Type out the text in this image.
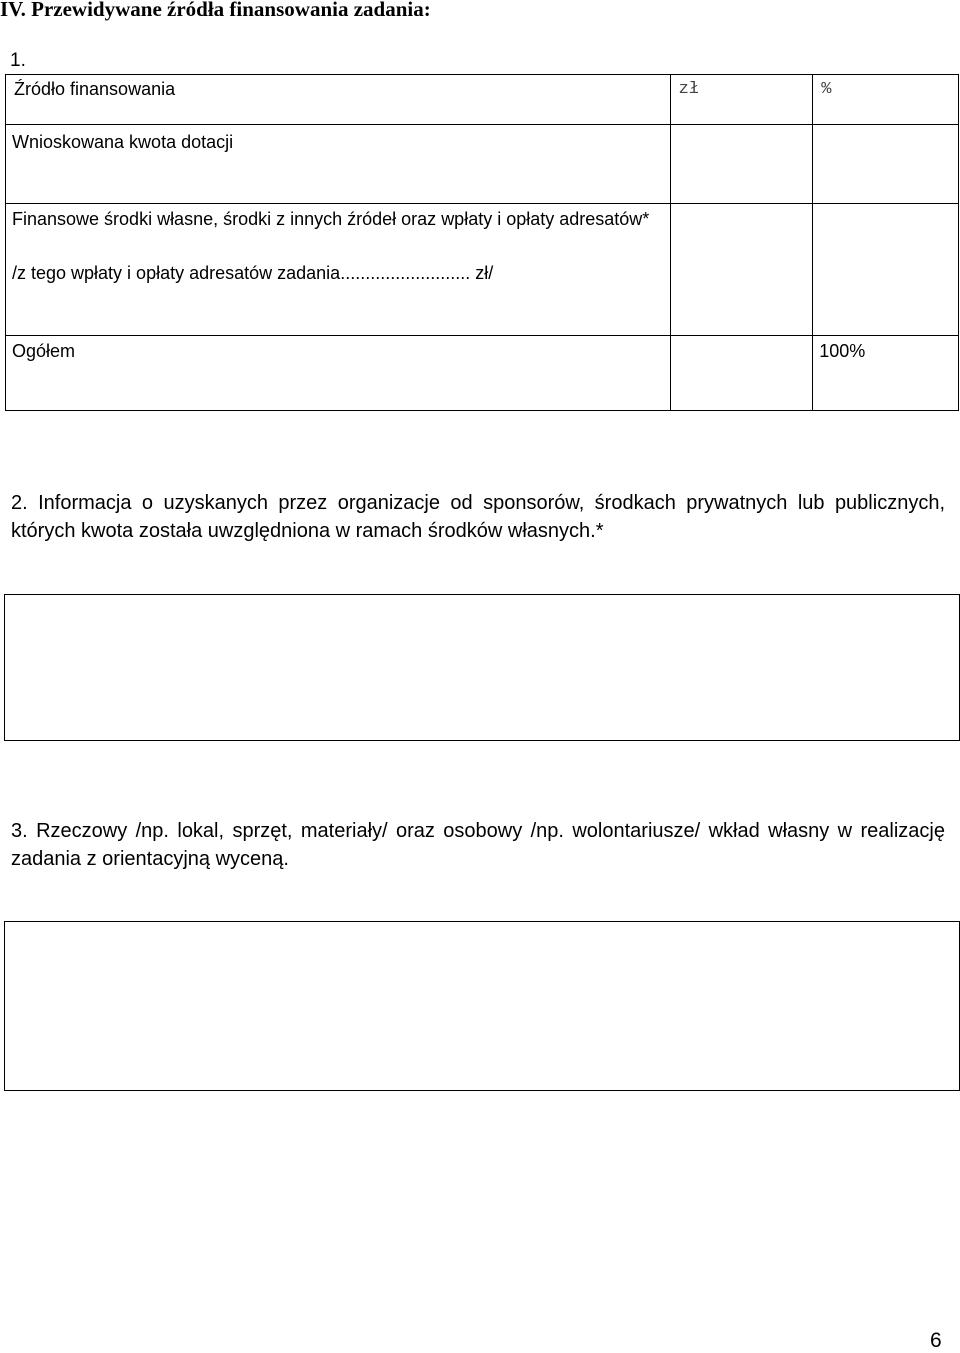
IV. Przewidywane źródła finansowania zadania:
1.
Źródło finansowania	zł	%

Wnioskowana kwota dotacji		

Finansowe środki własne, środki z innych źródeł oraz wpłaty i opłaty adresatów*
/z tego wpłaty i opłaty adresatów zadania.......................... zł/		

Ogółem		100%
2. Informacja o uzyskanych przez organizacje od sponsorów, środkach prywatnych lub publicznych, których kwota została uwzględniona w ramach środków własnych.*
3. Rzeczowy /np. lokal, sprzęt, materiały/ oraz osobowy /np. wolontariusze/ wkład własny w realizację zadania z orientacyjną wyceną.
6
